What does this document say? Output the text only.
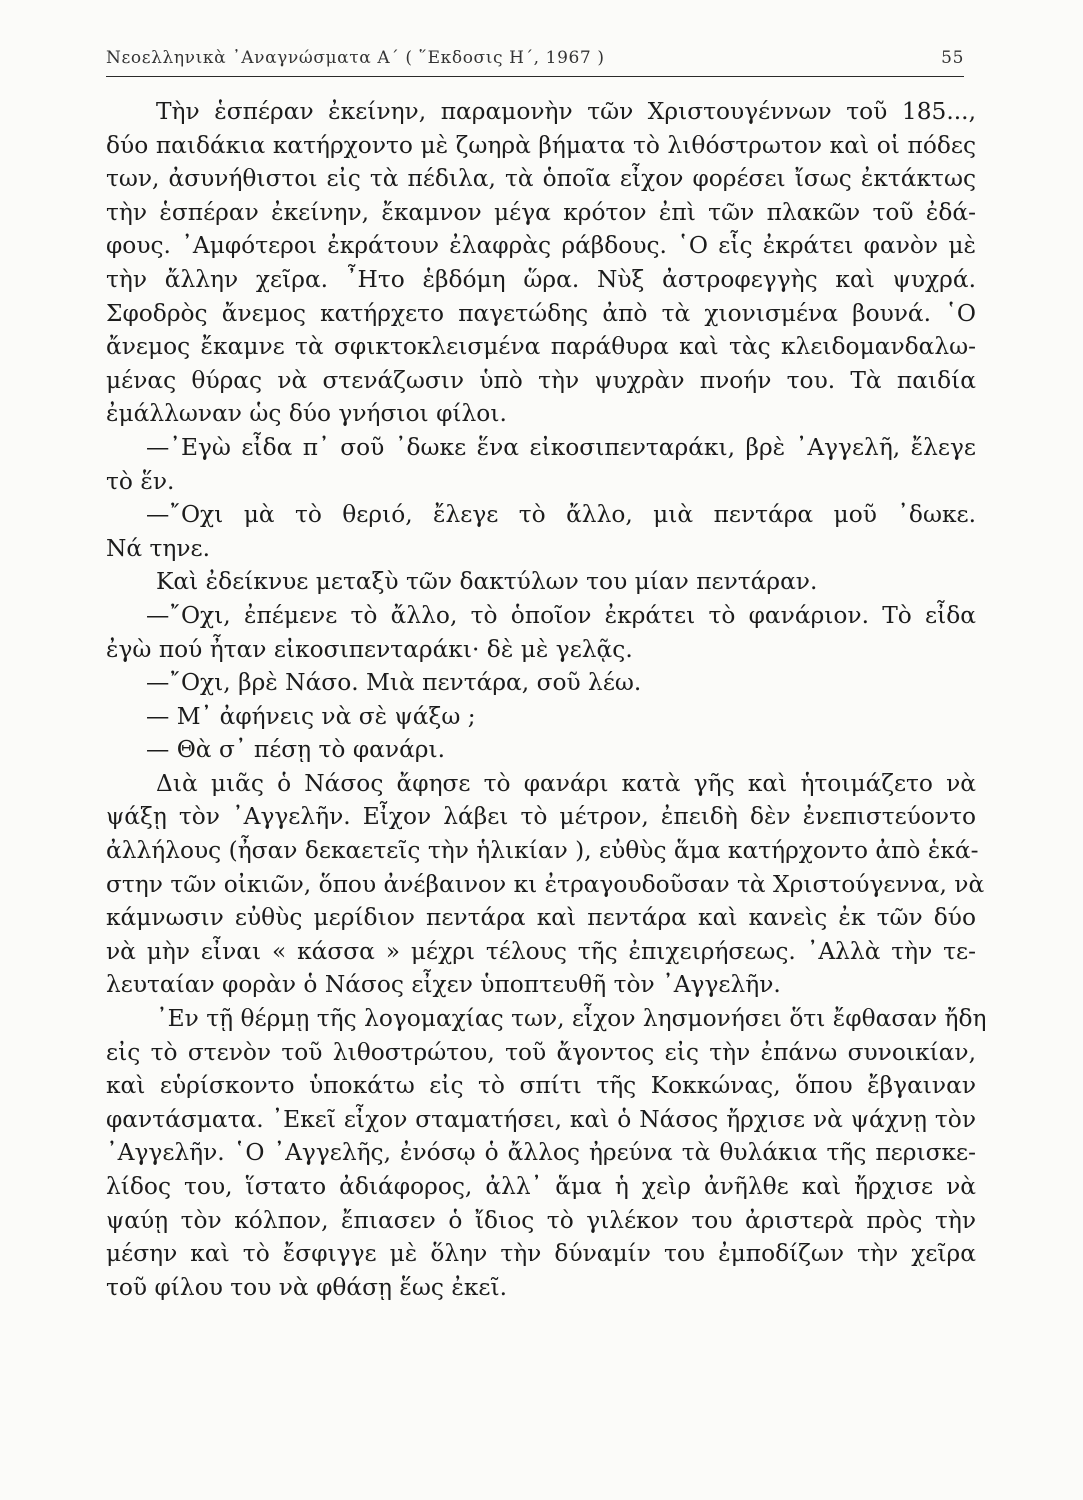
Νεοελληνικὰ ᾿Αναγνώσματα Α΄ ( ῞Εκδοσις Η΄, 1967 )	55
Τὴν ἑσπέραν ἐκείνην, παραμονὴν τῶν Χριστουγέννων τοῦ 185...,
δύο παιδάκια κατήρχοντο μὲ ζωηρὰ βήματα τὸ λιθόστρωτον καὶ οἱ πόδες
των, ἀσυνήθιστοι εἰς τὰ πέδιλα, τὰ ὁποῖα εἶχον φορέσει ἴσως ἐκτάκτως
τὴν ἑσπέραν ἐκείνην, ἔκαμνον μέγα κρότον ἐπὶ τῶν πλακῶν τοῦ ἐδά-
φους. ᾿Αμφότεροι ἐκράτουν ἐλαφρὰς ράβδους. ῾Ο εἷς ἐκράτει φανὸν μὲ
τὴν ἄλλην χεῖρα. ῏Ητο ἑβδόμη ὥρα. Νὺξ ἀστροφεγγὴς καὶ ψυχρά.
Σφοδρὸς ἄνεμος κατήρχετο παγετώδης ἀπὸ τὰ χιονισμένα βουνά. ῾Ο
ἄνεμος ἔκαμνε τὰ σφικτοκλεισμένα παράθυρα καὶ τὰς κλειδομανδαλω-
μένας θύρας νὰ στενάζωσιν ὑπὸ τὴν ψυχρὰν πνοήν του. Τὰ παιδία
ἐμάλλωναν ὡς δύο γνήσιοι φίλοι.
—᾿Εγὼ εἶδα π᾿ σοῦ ᾿δωκε ἕνα εἰκοσιπενταράκι, βρὲ ᾿Αγγελῆ, ἔλεγε
τὸ ἕν.
—῎Οχι μὰ τὸ θεριό, ἔλεγε τὸ ἄλλο, μιὰ πεντάρα μοῦ ᾿δωκε.
Νά τηνε.
Καὶ ἐδείκνυε μεταξὺ τῶν δακτύλων του μίαν πεντάραν.
—῎Οχι, ἐπέμενε τὸ ἄλλο, τὸ ὁποῖον ἐκράτει τὸ φανάριον. Τὸ εἶδα
ἐγὼ πού ἦταν εἰκοσιπενταράκι· δὲ μὲ γελᾷς.
—῎Οχι, βρὲ Νάσο. Μιὰ πεντάρα, σοῦ λέω.
— Μ᾿ ἀφήνεις νὰ σὲ ψάξω ;
— Θὰ σ᾿ πέσῃ τὸ φανάρι.
Διὰ μιᾶς ὁ Νάσος ἄφησε τὸ φανάρι κατὰ γῆς καὶ ἡτοιμάζετο νὰ
ψάξῃ τὸν ᾿Αγγελῆν. Εἶχον λάβει τὸ μέτρον, ἐπειδὴ δὲν ἐνεπιστεύοντο
ἀλλήλους (ἦσαν δεκαετεῖς τὴν ἡλικίαν ), εὐθὺς ἅμα κατήρχοντο ἀπὸ ἑκά-
στην τῶν οἰκιῶν, ὅπου ἀνέβαινον κι ἐτραγουδοῦσαν τὰ Χριστούγεννα, νὰ
κάμνωσιν εὐθὺς μερίδιον πεντάρα καὶ πεντάρα καὶ κανεὶς ἐκ τῶν δύο
νὰ μὴν εἶναι « κάσσα » μέχρι τέλους τῆς ἐπιχειρήσεως. ᾿Αλλὰ τὴν τε-
λευταίαν φορὰν ὁ Νάσος εἶχεν ὑποπτευθῆ τὸν ᾿Αγγελῆν.
᾿Εν τῇ θέρμῃ τῆς λογομαχίας των, εἶχον λησμονήσει ὅτι ἔφθασαν ἤδη
εἰς τὸ στενὸν τοῦ λιθοστρώτου, τοῦ ἄγοντος εἰς τὴν ἐπάνω συνοικίαν,
καὶ εὑρίσκοντο ὑποκάτω εἰς τὸ σπίτι τῆς Κοκκώνας, ὅπου ἔβγαιναν
φαντάσματα. ᾿Εκεῖ εἶχον σταματήσει, καὶ ὁ Νάσος ἤρχισε νὰ ψάχνῃ τὸν
᾿Αγγελῆν. ῾Ο ᾿Αγγελῆς, ἐνόσῳ ὁ ἄλλος ἠρεύνα τὰ θυλάκια τῆς περισκε-
λίδος του, ἵστατο ἀδιάφορος, ἀλλ᾿ ἅμα ἡ χεὶρ ἀνῆλθε καὶ ἤρχισε νὰ
ψαύῃ τὸν κόλπον, ἔπιασεν ὁ ἴδιος τὸ γιλέκον του ἀριστερὰ πρὸς τὴν
μέσην καὶ τὸ ἔσφιγγε μὲ ὅλην τὴν δύναμίν του ἐμποδίζων τὴν χεῖρα
τοῦ φίλου του νὰ φθάσῃ ἕως ἐκεῖ.
